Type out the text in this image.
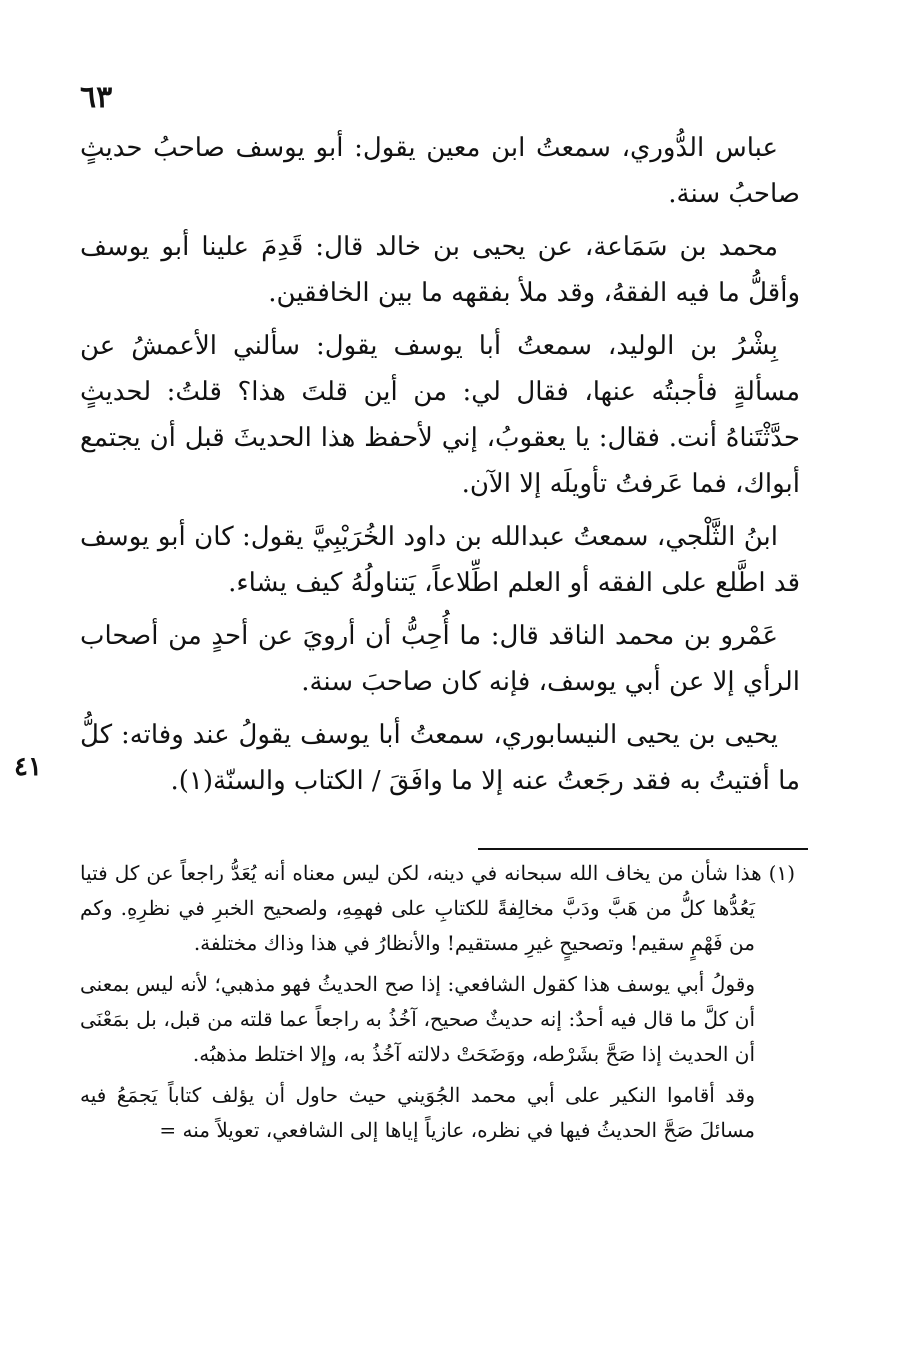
٦٣

عباس الدُّوري، سمعتُ ابن معين يقول: أبو يوسف صاحبُ حديثٍ صاحبُ سنة.

محمد بن سَمَاعة، عن يحيى بن خالد قال: قَدِمَ علينا أبو يوسف وأقلُّ ما فيه الفقهُ، وقد ملأ بفقهه ما بين الخافقين.

بِشْرُ بن الوليد، سمعتُ أبا يوسف يقول: سألني الأعمشُ عن مسألةٍ فأجبتُه عنها، فقال لي: من أين قلتَ هذا؟ قلتُ: لحديثٍ حدَّثْتَناهُ أنت. فقال: يا يعقوبُ، إني لأحفظ هذا الحديثَ قبل أن يجتمع أبواك، فما عَرفتُ تأويلَه إلا الآن.

ابنُ الثَّلْجي، سمعتُ عبدالله بن داود الخُرَيْبِيَّ يقول: كان أبو يوسف قد اطَّلع على الفقه أو العلم اطِّلاعاً، يَتناولُهُ كيف يشاء.

عَمْرو بن محمد الناقد قال: ما أُحِبُّ أن أرويَ عن أحدٍ من أصحاب الرأي إلا عن أبي يوسف، فإنه كان صاحبَ سنة.

يحيى بن يحيى النيسابوري، سمعتُ أبا يوسف يقولُ عند وفاته: كلُّ ما أفتيتُ به فقد رجَعتُ عنه إلا ما وافَقَ / الكتاب والسنّة(١).

٤١

(١) هذا شأن من يخاف الله سبحانه في دينه، لكن ليس معناه أنه يُعَدُّ راجعاً عن كل فتيا يَعُدُّها كلُّ من هَبَّ ودَبَّ مخالِفةً للكتابِ على فهمِهِ، ولصحيح الخبرِ في نظرِهِ. وكم من فَهْمٍ سقيم! وتصحيحٍ غيرِ مستقيم! والأنظارُ في هذا وذاك مختلفة.

وقولُ أبي يوسف هذا كقول الشافعي: إذا صح الحديثُ فهو مذهبي؛ لأنه ليس بمعنى أن كلَّ ما قال فيه أحدٌ: إنه حديثٌ صحيح، آخُذُ به راجعاً عما قلته من قبل، بل بمَعْنَى أن الحديث إذا صَحَّ بشَرْطه، ووَضَحَتْ دلالته آخُذُ به، وإلا اختلط مذهبُه.

وقد أقاموا النكير على أبي محمد الجُوَيني حيث حاول أن يؤلف كتاباً يَجمَعُ فيه مسائلَ صَحَّ الحديثُ فيها في نظره، عازياً إياها إلى الشافعي، تعويلاً منه =
